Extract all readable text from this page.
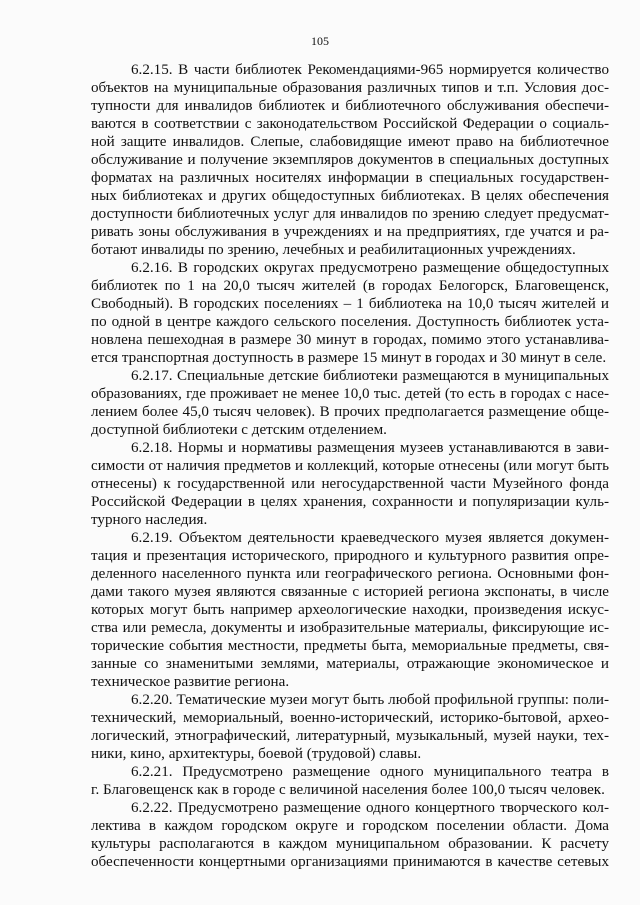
105
6.2.15. В части библиотек Рекомендациями-965 нормируется количество
объектов на муниципальные образования различных типов и т.п. Условия дос-
тупности для инвалидов библиотек и библиотечного обслуживания обеспечи-
ваются в соответствии с законодательством Российской Федерации о социаль-
ной защите инвалидов. Слепые, слабовидящие имеют право на библиотечное
обслуживание и получение экземпляров документов в специальных доступных
форматах на различных носителях информации в специальных государствен-
ных библиотеках и других общедоступных библиотеках. В целях обеспечения
доступности библиотечных услуг для инвалидов по зрению следует предусмат-
ривать зоны обслуживания в учреждениях и на предприятиях, где учатся и ра-
ботают инвалиды по зрению, лечебных и реабилитационных учреждениях.
6.2.16. В городских округах предусмотрено размещение общедоступных
библиотек по 1 на 20,0 тысяч жителей (в городах Белогорск, Благовещенск,
Свободный). В городских поселениях – 1 библиотека на 10,0 тысяч жителей и
по одной в центре каждого сельского поселения. Доступность библиотек уста-
новлена пешеходная в размере 30 минут в городах, помимо этого устанавлива-
ется транспортная доступность в размере 15 минут в городах и 30 минут в селе.
6.2.17. Специальные детские библиотеки размещаются в муниципальных
образованиях, где проживает не менее 10,0 тыс. детей (то есть в городах с насе-
лением более 45,0 тысяч человек). В прочих предполагается размещение обще-
доступной библиотеки с детским отделением.
6.2.18. Нормы и нормативы размещения музеев устанавливаются в зави-
симости от наличия предметов и коллекций, которые отнесены (или могут быть
отнесены) к государственной или негосударственной части Музейного фонда
Российской Федерации в целях хранения, сохранности и популяризации куль-
турного наследия.
6.2.19. Объектом деятельности краеведческого музея является докумен-
тация и презентация исторического, природного и культурного развития опре-
деленного населенного пункта или географического региона. Основными фон-
дами такого музея являются связанные с историей региона экспонаты, в числе
которых могут быть например археологические находки, произведения искус-
ства или ремесла, документы и изобразительные материалы, фиксирующие ис-
торические события местности, предметы быта, мемориальные предметы, свя-
занные со знаменитыми землями, материалы, отражающие экономическое и
техническое развитие региона.
6.2.20. Тематические музеи могут быть любой профильной группы: поли-
технический, мемориальный, военно-исторический, историко-бытовой, архео-
логический, этнографический, литературный, музыкальный, музей науки, тех-
ники, кино, архитектуры, боевой (трудовой) славы.
6.2.21. Предусмотрено размещение одного муниципального театра в
г. Благовещенск как в городе с величиной населения более 100,0 тысяч человек.
6.2.22. Предусмотрено размещение одного концертного творческого кол-
лектива в каждом городском округе и городском поселении области. Дома
культуры располагаются в каждом муниципальном образовании. К расчету
обеспеченности концертными организациями принимаются в качестве сетевых
